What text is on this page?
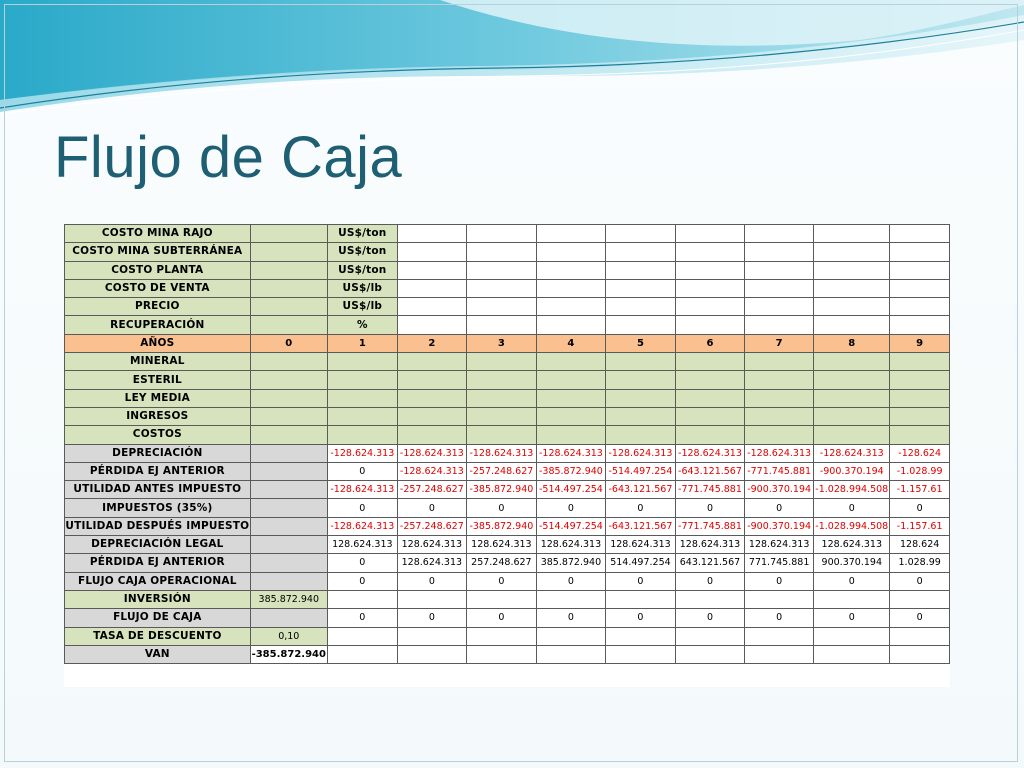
Flujo de Caja
COSTO MINA RAJO		US$/ton								
COSTO MINA SUBTERRÁNEA		US$/ton								
COSTO PLANTA		US$/ton								
COSTO DE VENTA		US$/lb								
PRECIO		US$/lb								
RECUPERACIÓN		%								
AÑOS	0	1	2	3	4	5	6	7	8	9
MINERAL										
ESTERIL										
LEY MEDIA										
INGRESOS										
COSTOS										
DEPRECIACIÓN		-128.624.313	-128.624.313	-128.624.313	-128.624.313	-128.624.313	-128.624.313	-128.624.313	-128.624.313	-128.624
PÉRDIDA EJ ANTERIOR		0	-128.624.313	-257.248.627	-385.872.940	-514.497.254	-643.121.567	-771.745.881	-900.370.194	-1.028.99
UTILIDAD ANTES IMPUESTO		-128.624.313	-257.248.627	-385.872.940	-514.497.254	-643.121.567	-771.745.881	-900.370.194	-1.028.994.508	-1.157.61
IMPUESTOS (35%)		0	0	0	0	0	0	0	0	0
UTILIDAD DESPUÉS IMPUESTO		-128.624.313	-257.248.627	-385.872.940	-514.497.254	-643.121.567	-771.745.881	-900.370.194	-1.028.994.508	-1.157.61
DEPRECIACIÓN LEGAL		128.624.313	128.624.313	128.624.313	128.624.313	128.624.313	128.624.313	128.624.313	128.624.313	128.624
PÉRDIDA EJ ANTERIOR		0	128.624.313	257.248.627	385.872.940	514.497.254	643.121.567	771.745.881	900.370.194	1.028.99
FLUJO CAJA OPERACIONAL		0	0	0	0	0	0	0	0	0
INVERSIÓN	385.872.940									
FLUJO DE CAJA		0	0	0	0	0	0	0	0	0
TASA DE DESCUENTO	0,10									
VAN	-385.872.940									
